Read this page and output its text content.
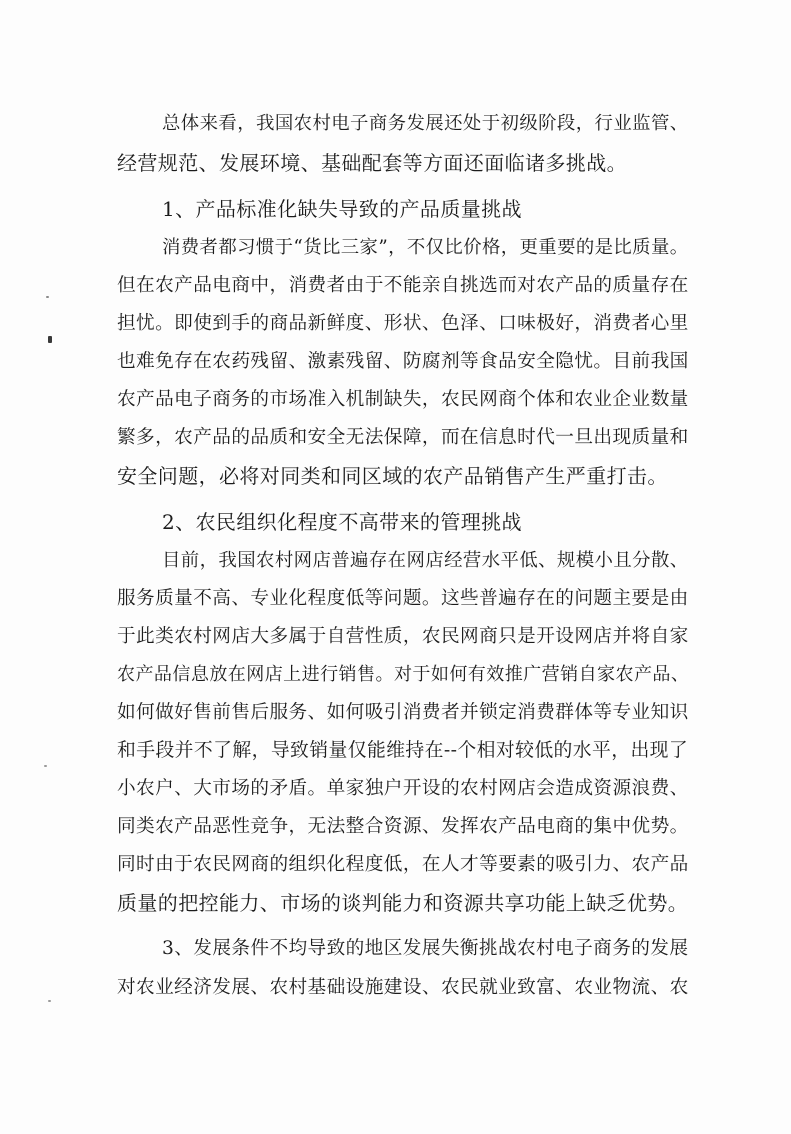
总体来看，我国农村电子商务发展还处于初级阶段，行业监管、
经营规范、发展环境、基础配套等方面还面临诸多挑战。
1、产品标准化缺失导致的产品质量挑战
消费者都习惯于“货比三家”，不仅比价格，更重要的是比质量。
但在农产品电商中，消费者由于不能亲自挑选而对农产品的质量存在
担忧。即使到手的商品新鲜度、形状、色泽、口味极好，消费者心里
也难免存在农药残留、激素残留、防腐剂等食品安全隐忧。目前我国
农产品电子商务的市场准入机制缺失，农民网商个体和农业企业数量
繁多，农产品的品质和安全无法保障，而在信息时代一旦出现质量和
安全问题，必将对同类和同区域的农产品销售产生严重打击。
2、农民组织化程度不高带来的管理挑战
目前，我国农村网店普遍存在网店经营水平低、规模小且分散、
服务质量不高、专业化程度低等问题。这些普遍存在的问题主要是由
于此类农村网店大多属于自营性质，农民网商只是开设网店并将自家
农产品信息放在网店上进行销售。对于如何有效推广营销自家农产品、
如何做好售前售后服务、如何吸引消费者并锁定消费群体等专业知识
和手段并不了解，导致销量仅能维持在--个相对较低的水平，出现了
小农户、大市场的矛盾。单家独户开设的农村网店会造成资源浪费、
同类农产品恶性竞争，无法整合资源、发挥农产品电商的集中优势。
同时由于农民网商的组织化程度低，在人才等要素的吸引力、农产品
质量的把控能力、市场的谈判能力和资源共享功能上缺乏优势。
3、发展条件不均导致的地区发展失衡挑战农村电子商务的发展
对农业经济发展、农村基础设施建设、农民就业致富、农业物流、农
